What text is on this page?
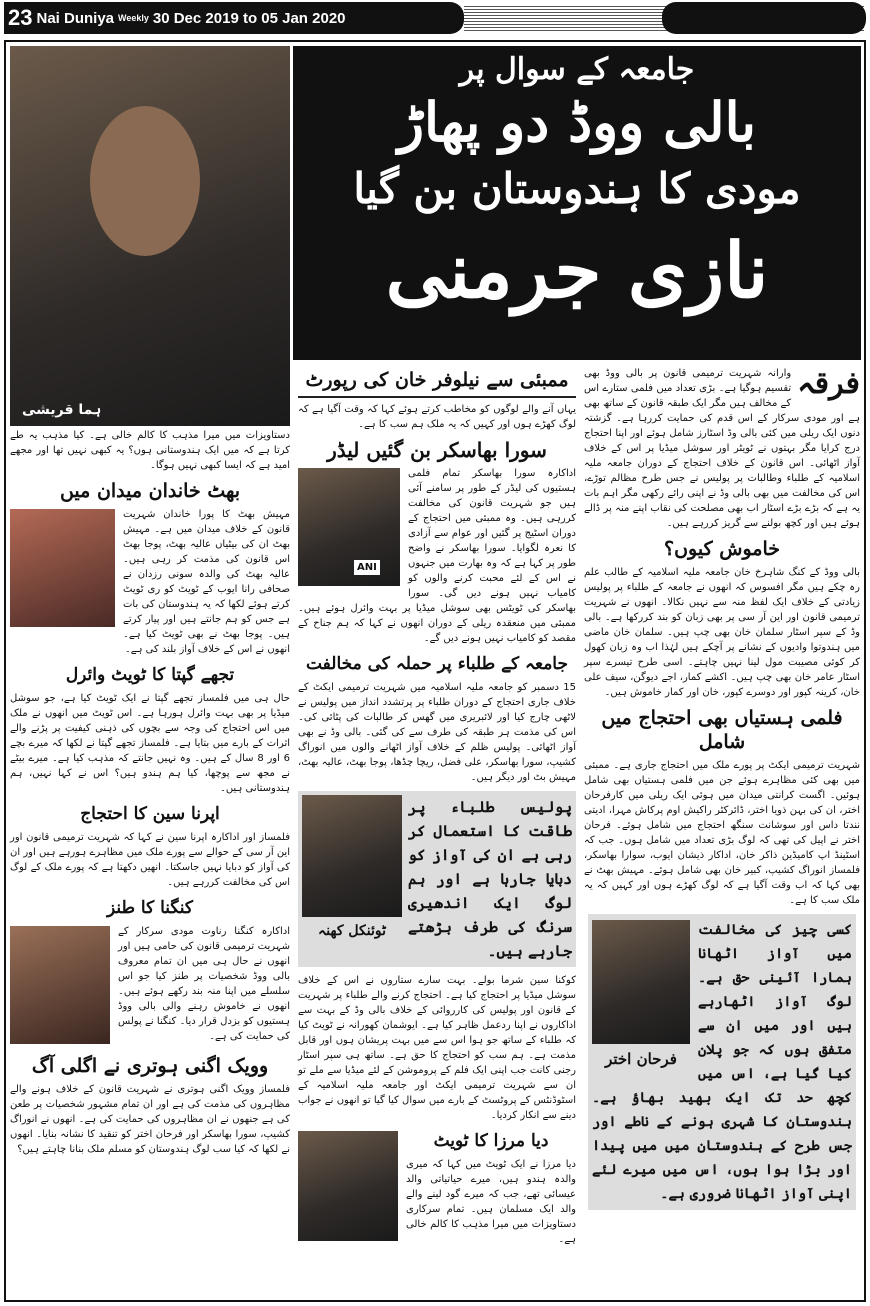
23 Nai Duniya Weekly 30 Dec 2019 to 05 Jan 2020
ہما قریشی
جامعہ کے سوال پر
بالی ووڈ دو پھاڑ
مودی کا ہندوستان بن گیا
نازی جرمنی
ممبئی سے نیلوفر خان کی رپورٹ
یہاں آنے والے لوگوں کو مخاطب کرتے ہوئے کہا کہ وقت آگیا ہے کہ لوگ کھڑے ہوں اور کہیں کہ یہ ملک ہم سب کا ہے۔
سورا بھاسکر بن گئیں لیڈر
ANI
اداکارہ سورا بھاسکر تمام فلمی ہستیوں کی لیڈر کے طور پر سامنے آئی ہیں جو شہریت قانون کی مخالفت کررہی ہیں۔ وہ ممبئی میں احتجاج کے دوران اسٹیج پر گئیں اور عوام سے آزادی کا نعرہ لگوایا۔ سورا بھاسکر نے واضح طور پر کہا ہے کہ وہ بھارت میں جنہوں نے اس کے لئے محبت کرنے والوں کو کامیاب نہیں ہونے دیں گی۔ سورا بھاسکر کی ٹویٹس بھی سوشل میڈیا پر بہت وائرل ہوئے ہیں۔ ممبئی میں منعقدہ ریلی کے دوران انھوں نے کہا کہ ہم جناح کے مقصد کو کامیاب نہیں ہونے دیں گے۔
جامعہ کے طلباء پر حملہ کی مخالفت
15 دسمبر کو جامعہ ملیہ اسلامیہ میں شہریت ترمیمی ایکٹ کے خلاف جاری احتجاج کے دوران طلباء پر پرتشدد انداز میں پولیس نے لاٹھی چارج کیا اور لائبریری میں گھس کر طالبات کی پٹائی کی۔ اس کی مذمت ہر طبقہ کی طرف سے کی گئی۔ بالی وڈ نے بھی آواز اٹھائی۔ پولیس ظلم کے خلاف آواز اٹھانے والوں میں انوراگ کشیپ، سورا بھاسکر، علی فضل، ریچا چڈھا، پوجا بھٹ، عالیہ بھٹ، مہیش بٹ اور دیگر ہیں۔
ٹوئنکل کھنہ
پولیس طلباء پر طاقت کا استعمال کر رہی ہے ان کی آواز کو دبایا جارہا ہے اور ہم لوگ ایک اندھیری سرنگ کی طرف بڑھتے جارہے ہیں۔
کوکنا سین شرما بولے۔ بہت سارے ستاروں نے اس کے خلاف سوشل میڈیا پر احتجاج کیا ہے۔ احتجاج کرنے والے طلباء پر شہریت کے قانون اور پولیس کی کارروائی کے خلاف بالی وڈ کے بہت سے اداکاروں نے اپنا ردعمل ظاہر کیا ہے۔ ایوشمان کھورانہ نے ٹویٹ کیا کہ طلباء کے ساتھ جو ہوا اس سے میں بہت پریشان ہوں اور قابل مذمت ہے۔ ہم سب کو احتجاج کا حق ہے۔ ساتھ ہی سپر اسٹار رجنی کانت جب اپنی ایک فلم کے پروموشن کے لئے میڈیا سے ملے تو ان سے شہریت ترمیمی ایکٹ اور جامعہ ملیہ اسلامیہ کے اسٹوڈنٹس کے پروٹسٹ کے بارے میں سوال کیا گیا تو انھوں نے جواب دینے سے انکار کردیا۔
دیا مرزا کا ٹویٹ
دیا مرزا نے ایک ٹویٹ میں کہا کہ میری والدہ ہندو ہیں، میرے حیاتیاتی والد عیسائی تھے، جب کہ میرے گود لینے والے والد ایک مسلمان ہیں۔ تمام سرکاری دستاویزات میں میرا مذہب کا کالم خالی ہے۔
فرقہ
وارانہ شہریت ترمیمی قانون پر بالی ووڈ بھی تقسیم ہوگیا ہے۔ بڑی تعداد میں فلمی ستارے اس کے مخالف ہیں مگر ایک طبقہ قانون کے ساتھ بھی ہے اور مودی سرکار کے اس قدم کی حمایت کررہا ہے۔ گزشتہ دنوں ایک ریلی میں کئی بالی وڈ اسٹارز شامل ہوئے اور اپنا احتجاج درج کرایا مگر بہتوں نے ٹویٹر اور سوشل میڈیا پر اس کے خلاف آواز اٹھائی۔ اس قانون کے خلاف احتجاج کے دوران جامعہ ملیہ اسلامیہ کے طلباء وطالبات پر پولیس نے جس طرح مظالم توڑے، اس کی مخالفت میں بھی بالی وڈ نے اپنی رائے رکھی مگر اہم بات یہ ہے کہ بڑے بڑے اسٹار اب بھی مصلحت کی نقاب اپنے منہ پر ڈالے ہوئے ہیں اور کچھ بولنے سے گریز کررہے ہیں۔
خاموش کیوں؟
بالی ووڈ کے کنگ شاہرخ خان جامعہ ملیہ اسلامیہ کے طالب علم رہ چکے ہیں مگر افسوس کہ انھوں نے جامعہ کے طلباء پر پولیس زیادتی کے خلاف ایک لفظ منہ سے نہیں نکالا۔ انھوں نے شہریت ترمیمی قانون اور این آر سی پر بھی زبان کو بند کررکھا ہے۔ بالی وڈ کے سپر اسٹار سلمان خان بھی چپ ہیں۔ سلمان خان ماضی میں ہندوتوا وادیوں کے نشانے پر آچکے ہیں لہٰذا اب وہ زبان کھول کر کوئی مصیبت مول لینا نہیں چاہتے۔ اسی طرح تیسرے سپر اسٹار عامر خان بھی چپ ہیں۔ اکشے کمار، اجے دیوگن، سیف علی خان، کرینہ کپور اور دوسرے کپور، خان اور کمار خاموش ہیں۔
فلمی ہستیاں بھی احتجاج میں شامل
شہریت ترمیمی ایکٹ پر پورے ملک میں احتجاج جاری ہے۔ ممبئی میں بھی کئی مظاہرے ہوئے جن میں فلمی ہستیاں بھی شامل ہوئیں۔ اگست کرانتی میدان میں ہوئی ایک ریلی میں کارفرحان اختر، ان کی بہن ذویا اختر، ڈائرکٹر راکیش اوم پرکاش مہرا، ادیتی نندتا داس اور سوشانت سنگھ احتجاج میں شامل ہوئے۔ فرحان اختر نے اپیل کی تھی کہ لوگ بڑی تعداد میں شامل ہوں۔ جب کہ اسٹینڈ اپ کامیڈین ذاکر خان، اداکار ذیشان ایوب، سوارا بھاسکر، فلمساز انوراگ کشیپ، کبیر خان بھی شامل ہوئے۔ مہیش بھٹ نے بھی کہا کہ اب وقت آگیا ہے کہ لوگ کھڑے ہوں اور کہیں کہ یہ ملک سب کا ہے۔
فرحان اختر
کسی چیز کی مخالفت میں آواز اٹھانا ہمارا آئینی حق ہے۔ لوگ آواز اٹھارہے ہیں اور میں ان سے متفق ہوں کہ جو پلان کیا گیا ہے، اس میں کچھ حد تک ایک بھید بھاؤ ہے۔ ہندوستان کا شہری ہونے کے ناطے اور جس طرح کے ہندوستان میں میں پیدا اور بڑا ہوا ہوں، اس میں میرے لئے اپنی آواز اٹھانا ضروری ہے۔
دستاویزات میں میرا مذہب کا کالم خالی ہے۔ کیا مذہب یہ طے کرتا ہے کہ میں ایک ہندوستانی ہوں؟ یہ کبھی نہیں تھا اور مجھے امید ہے کہ ایسا کبھی نہیں ہوگا۔
بھٹ خاندان میدان میں
مہیش بھٹ کا پورا خاندان شہریت قانون کے خلاف میدان میں ہے۔ مہیش بھٹ ان کی بیٹیاں عالیہ بھٹ، پوجا بھٹ اس قانون کی مذمت کر رہی ہیں۔ عالیہ بھٹ کی والدہ سونی رزدان نے صحافی رانا ایوب کے ٹویٹ کو ری ٹویٹ کرتے ہوئے لکھا کہ یہ ہندوستان کی بات ہے جس کو ہم جانتے ہیں اور پیار کرتے ہیں۔ پوجا بھٹ نے بھی ٹویٹ کیا ہے۔ انھوں نے اس کے خلاف آواز بلند کی ہے۔
تجھے گپتا کا ٹویٹ وائرل
حال ہی میں فلمساز تجھے گپتا نے ایک ٹویٹ کیا ہے، جو سوشل میڈیا پر بھی بہت وائرل ہورہا ہے۔ اس ٹویٹ میں انھوں نے ملک میں اس احتجاج کی وجہ سے بچوں کی ذہنی کیفیت پر پڑنے والے اثرات کے بارے میں بتایا ہے۔ فلمساز تجھے گپتا نے لکھا کہ میرے بچے 6 اور 8 سال کے ہیں۔ وہ نہیں جانتے کہ مذہب کیا ہے۔ میرے بیٹے نے مجھ سے پوچھا، کیا ہم ہندو ہیں؟ اس نے کہا نہیں، ہم ہندوستانی ہیں۔
اپرنا سین کا احتجاج
فلمساز اور اداکارہ اپرنا سین نے کہا کہ شہریت ترمیمی قانون اور این آر سی کے حوالے سے پورے ملک میں مظاہرے ہورہے ہیں اور ان کی آواز کو دبایا نہیں جاسکتا۔ انھیں دکھتا ہے کہ پورے ملک کے لوگ اس کی مخالفت کررہے ہیں۔
کنگنا کا طنز
اداکارہ کنگنا رناوت مودی سرکار کے شہریت ترمیمی قانون کی حامی ہیں اور انھوں نے حال ہی میں ان تمام معروف بالی ووڈ شخصیات پر طنز کیا جو اس سلسلے میں اپنا منہ بند رکھے ہوئے ہیں۔ انھوں نے خاموش رہنے والی بالی ووڈ ہستیوں کو بزدل قرار دیا۔ کنگنا نے پولس کی حمایت کی ہے۔
وویک اگنی ہوتری نے اگلی آگ
فلمساز وویک اگنی ہوتری نے شہریت قانون کے خلاف ہونے والے مظاہروں کی مذمت کی ہے اور ان تمام مشہور شخصیات پر طعن کی ہے جنھوں نے ان مظاہروں کی حمایت کی ہے۔ انھوں نے انوراگ کشیپ، سورا بھاسکر اور فرحان اختر کو تنقید کا نشانہ بنایا۔ انھوں نے لکھا کہ کیا سب لوگ ہندوستان کو مسلم ملک بنانا چاہتے ہیں؟
